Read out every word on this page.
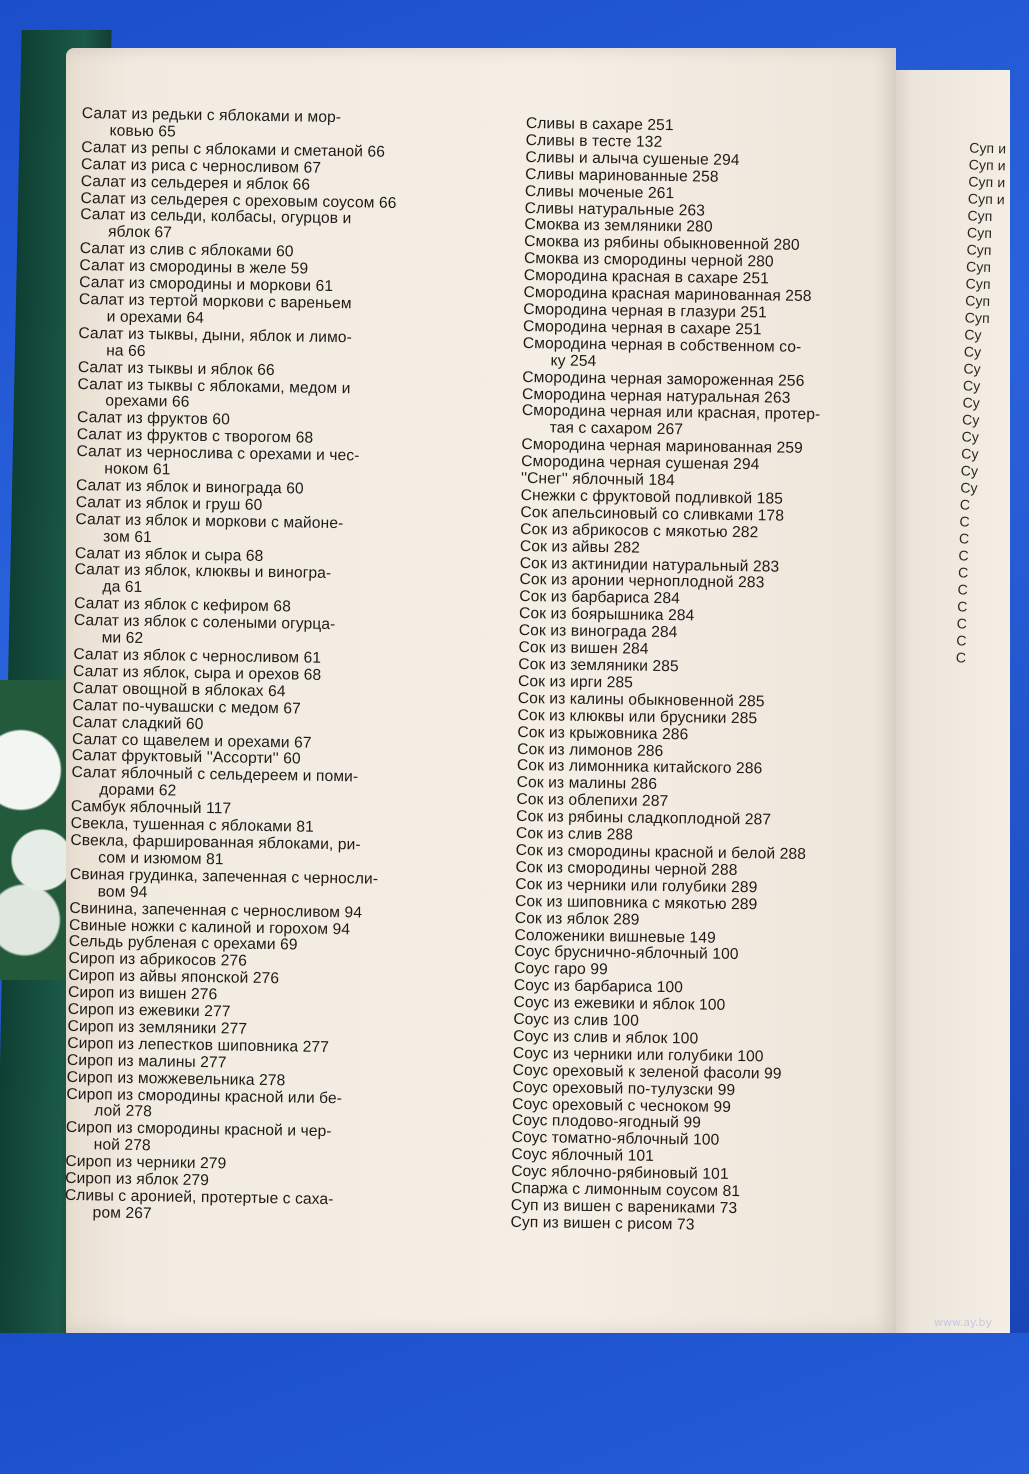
Салат из редьки с яблоками и мор-
ковью 65
Салат из репы с яблоками и сметаной 66
Салат из риса с черносливом 67
Салат из сельдерея и яблок 66
Салат из сельдерея с ореховым соусом 66
Салат из сельди, колбасы, огурцов и
яблок 67
Салат из слив с яблоками 60
Салат из смородины в желе 59
Салат из смородины и моркови 61
Салат из тертой моркови с вареньем
и орехами 64
Салат из тыквы, дыни, яблок и лимо-
на 66
Салат из тыквы и яблок 66
Салат из тыквы с яблоками, медом и
орехами 66
Салат из фруктов 60
Салат из фруктов с творогом 68
Салат из чернослива с орехами и чес-
ноком 61
Салат из яблок и винограда 60
Салат из яблок и груш 60
Салат из яблок и моркови с майоне-
зом 61
Салат из яблок и сыра 68
Салат из яблок, клюквы и виногра-
да 61
Салат из яблок с кефиром 68
Салат из яблок с солеными огурца-
ми 62
Салат из яблок с черносливом 61
Салат из яблок, сыра и орехов 68
Салат овощной в яблоках 64
Салат по-чувашски с медом 67
Салат сладкий 60
Салат со щавелем и орехами 67
Салат фруктовый ''Ассорти'' 60
Салат яблочный с сельдереем и поми-
дорами 62
Самбук яблочный 117
Свекла, тушенная с яблоками 81
Свекла, фаршированная яблоками, ри-
сом и изюмом 81
Свиная грудинка, запеченная с черносли-
вом 94
Свинина, запеченная с черносливом 94
Свиные ножки с калиной и горохом 94
Сельдь рубленая с орехами 69
Сироп из абрикосов 276
Сироп из айвы японской 276
Сироп из вишен 276
Сироп из ежевики 277
Сироп из земляники 277
Сироп из лепестков шиповника 277
Сироп из малины 277
Сироп из можжевельника 278
Сироп из смородины красной или бе-
лой 278
Сироп из смородины красной и чер-
ной 278
Сироп из черники 279
Сироп из яблок 279
Сливы с аронией, протертые с саха-
ром 267
Сливы в сахаре 251
Сливы в тесте 132
Сливы и алыча сушеные 294
Сливы маринованные 258
Сливы моченые 261
Сливы натуральные 263
Смоква из земляники 280
Смоква из рябины обыкновенной 280
Смоква из смородины черной 280
Смородина красная в сахаре 251
Смородина красная маринованная 258
Смородина черная в глазури 251
Смородина черная в сахаре 251
Смородина черная в собственном со-
ку 254
Смородина черная замороженная 256
Смородина черная натуральная 263
Смородина черная или красная, протер-
тая с сахаром 267
Смородина черная маринованная 259
Смородина черная сушеная 294
''Снег'' яблочный 184
Снежки с фруктовой подливкой 185
Сок апельсиновый со сливками 178
Сок из абрикосов с мякотью 282
Сок из айвы 282
Сок из актинидии натуральный 283
Сок из аронии черноплодной 283
Сок из барбариса 284
Сок из боярышника 284
Сок из винограда 284
Сок из вишен 284
Сок из земляники 285
Сок из ирги 285
Сок из калины обыкновенной 285
Сок из клюквы или брусники 285
Сок из крыжовника 286
Сок из лимонов 286
Сок из лимонника китайского 286
Сок из малины 286
Сок из облепихи 287
Сок из рябины сладкоплодной 287
Сок из слив 288
Сок из смородины красной и белой 288
Сок из смородины черной 288
Сок из черники или голубики 289
Сок из шиповника с мякотью 289
Сок из яблок 289
Соложеники вишневые 149
Соус бруснично-яблочный 100
Соус гаро 99
Соус из барбариса 100
Соус из ежевики и яблок 100
Соус из слив 100
Соус из слив и яблок 100
Соус из черники или голубики 100
Соус ореховый к зеленой фасоли 99
Соус ореховый по-тулузски 99
Соус ореховый с чесноком 99
Соус плодово-ягодный 99
Соус томатно-яблочный 100
Соус яблочный 101
Соус яблочно-рябиновый 101
Спаржа с лимонным соусом 81
Суп из вишен с варениками 73
Суп из вишен с рисом 73
Суп и
Суп и
Суп и
Суп и
Суп
Суп
Суп
Суп
Суп
Суп
Суп
Су
Су
Су
Су
Су
Су
Су
Су
Су
Су
С
С
С
С
С
С
С
С
С
С
www.ay.by
